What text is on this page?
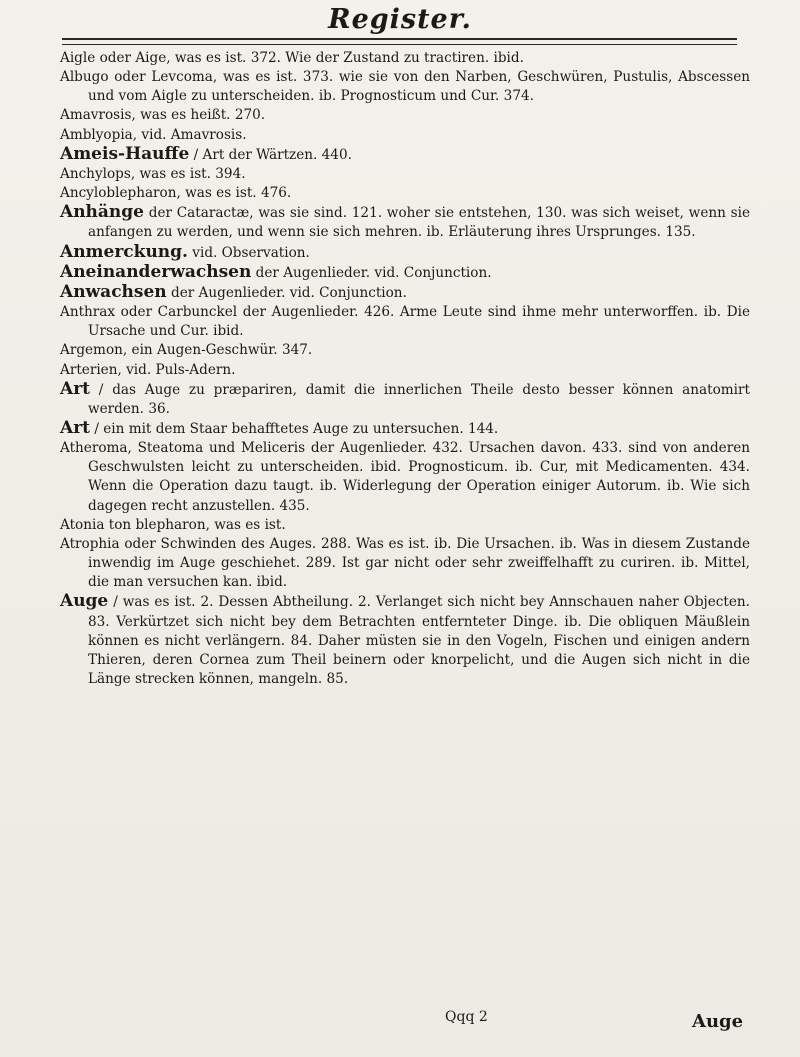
Register.

Aigle oder Aige, was es ist. 372. Wie der Zustand zu tractiren. ibid.

Albugo oder Levcoma, was es ist. 373. wie sie von den Narben, Geschwüren, Pustulis, Abscessen und vom Aigle zu unterscheiden. ib. Prognosticum und Cur. 374.

Amavrosis, was es heißt. 270.

Amblyopia, vid. Amavrosis.

Ameis-Hauffe / Art der Wärtzen. 440.

Anchylops, was es ist. 394.

Ancyloblepharon, was es ist. 476.

Anhänge der Cataractæ, was sie sind. 121. woher sie entstehen, 130. was sich weiset, wenn sie anfangen zu werden, und wenn sie sich mehren. ib. Erläuterung ihres Ursprunges. 135.

Anmerckung. vid. Observation.

Aneinanderwachsen der Augenlieder. vid. Conjunction.

Anwachsen der Augenlieder. vid. Conjunction.

Anthrax oder Carbunckel der Augenlieder. 426. Arme Leute sind ihme mehr unterworffen. ib. Die Ursache und Cur. ibid.

Argemon, ein Augen-Geschwür. 347.

Arterien, vid. Puls-Adern.

Art / das Auge zu præpariren, damit die innerlichen Theile desto besser können anatomirt werden. 36.

Art / ein mit dem Staar behafftetes Auge zu untersuchen. 144.

Atheroma, Steatoma und Meliceris der Augenlieder. 432. Ursachen davon. 433. sind von anderen Geschwulsten leicht zu unterscheiden. ibid. Prognosticum. ib. Cur, mit Medicamenten. 434. Wenn die Operation dazu taugt. ib. Widerlegung der Operation einiger Autorum. ib. Wie sich dagegen recht anzustellen. 435.

Atonia ton blepharon, was es ist.

Atrophia oder Schwinden des Auges. 288. Was es ist. ib. Die Ursachen. ib. Was in diesem Zustande inwendig im Auge geschiehet. 289. Ist gar nicht oder sehr zweiffelhafft zu curiren. ib. Mittel, die man versuchen kan. ibid.

Auge / was es ist. 2. Dessen Abtheilung. 2. Verlanget sich nicht bey Annschauen naher Objecten. 83. Verkürtzet sich nicht bey dem Betrachten entfernteter Dinge. ib. Die obliquen Mäußlein können es nicht verlängern. 84. Daher müsten sie in den Vogeln, Fischen und einigen andern Thieren, deren Cornea zum Theil beinern oder knorpelicht, und die Augen sich nicht in die Länge strecken können, mangeln. 85.

Qqq 2	Auge
